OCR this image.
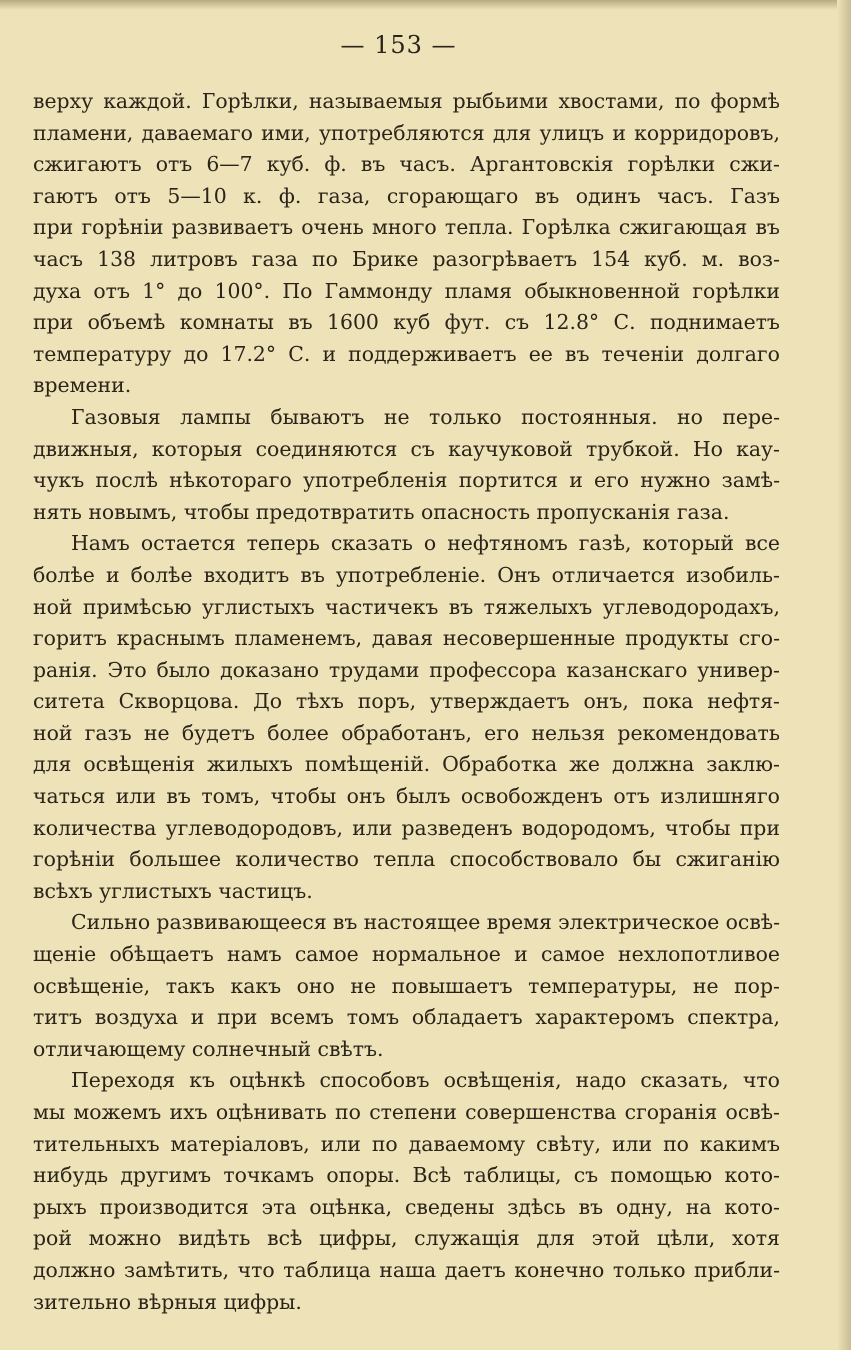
— 153 —
верху каждой. Горѣлки, называемыя рыбьими хвостами, по формѣ
пламени, даваемаго ими, употребляются для улицъ и корридоровъ,
сжигаютъ отъ 6—7 куб. ф. въ часъ. Аргантовскія горѣлки сжи-
гаютъ отъ 5—10 к. ф. газа, сгорающаго въ одинъ часъ. Газъ
при горѣніи развиваетъ очень много тепла. Горѣлка сжигающая въ
часъ 138 литровъ газа по Брике разогрѣваетъ 154 куб. м. воз-
духа отъ 1° до 100°. По Гаммонду пламя обыкновенной горѣлки
при объемѣ комнаты въ 1600 куб фут. съ 12.8° С. поднимаетъ
температуру до 17.2° С. и поддерживаетъ ее въ теченіи долгаго
времени.
Газовыя лампы бываютъ не только постоянныя. но пере-
движныя, которыя соединяются съ каучуковой трубкой. Но кау-
чукъ послѣ нѣкотораго употребленія портится и его нужно замѣ-
нять новымъ, чтобы предотвратить опасность пропусканія газа.
Намъ остается теперь сказать о нефтяномъ газѣ, который все
болѣе и болѣе входитъ въ употребленіе. Онъ отличается изобиль-
ной примѣсью углистыхъ частичекъ въ тяжелыхъ углеводородахъ,
горитъ краснымъ пламенемъ, давая несовершенные продукты сго-
ранія. Это было доказано трудами профессора казанскаго универ-
ситета Скворцова. До тѣхъ поръ, утверждаетъ онъ, пока нефтя-
ной газъ не будетъ более обработанъ, его нельзя рекомендовать
для освѣщенія жилыхъ помѣщеній. Обработка же должна заклю-
чаться или въ томъ, чтобы онъ былъ освобожденъ отъ излишняго
количества углеводородовъ, или разведенъ водородомъ, чтобы при
горѣніи большее количество тепла способствовало бы сжиганію
всѣхъ углистыхъ частицъ.
Сильно развивающееся въ настоящее время электрическое освѣ-
щеніе обѣщаетъ намъ самое нормальное и самое нехлопотливое
освѣщеніе, такъ какъ оно не повышаетъ температуры, не пор-
титъ воздуха и при всемъ томъ обладаетъ характеромъ спектра,
отличающему солнечный свѣтъ.
Переходя къ оцѣнкѣ способовъ освѣщенія, надо сказать, что
мы можемъ ихъ оцѣнивать по степени совершенства сгоранія освѣ-
тительныхъ матеріаловъ, или по даваемому свѣту, или по какимъ
нибудь другимъ точкамъ опоры. Всѣ таблицы, съ помощью кото-
рыхъ производится эта оцѣнка, сведены здѣсь въ одну, на кото-
рой можно видѣть всѣ цифры, служащія для этой цѣли, хотя
должно замѣтить, что таблица наша даетъ конечно только прибли-
зительно вѣрныя цифры.
